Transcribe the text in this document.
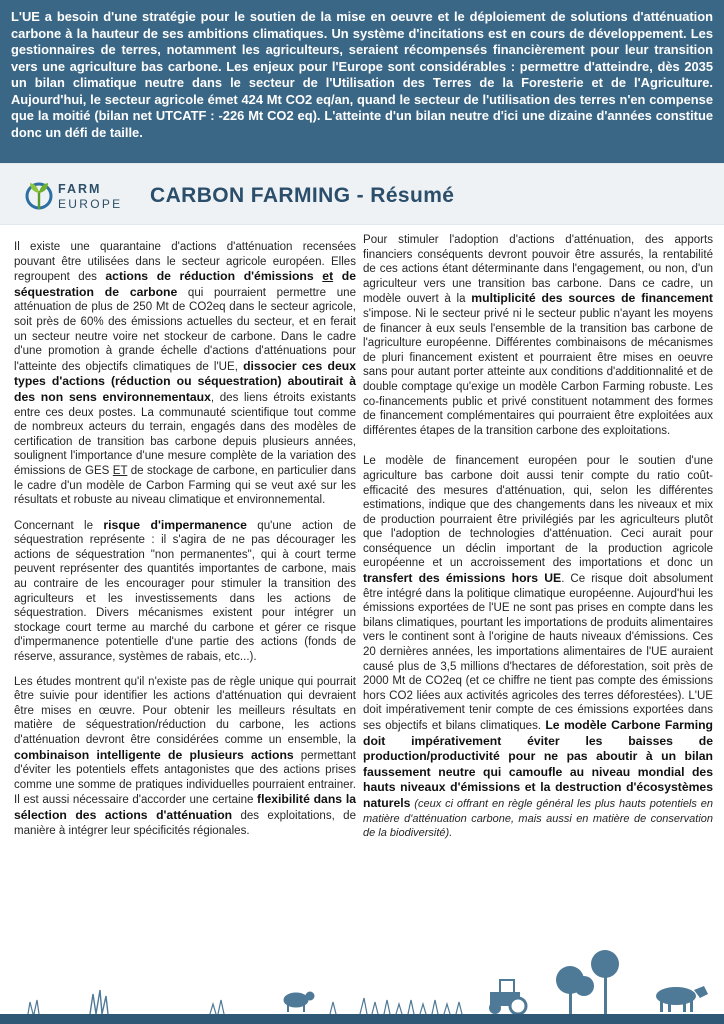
L'UE a besoin d'une stratégie pour le soutien de la mise en oeuvre et le déploiement de solutions d'atténuation carbone à la hauteur de ses ambitions climatiques. Un système d'incitations est en cours de développement. Les gestionnaires de terres, notamment les agriculteurs, seraient récompensés financièrement pour leur transition vers une agriculture bas carbone. Les enjeux pour l'Europe sont considérables : permettre d'atteindre, dès 2035 un bilan climatique neutre dans le secteur de l'Utilisation des Terres de la Foresterie et de l'Agriculture. Aujourd'hui, le secteur agricole émet 424 Mt CO2 eq/an, quand le secteur de l'utilisation des terres n'en compense que la moitié (bilan net UTCATF : -226 Mt CO2 eq). L'atteinte d'un bilan neutre d'ici une dizaine d'années constitue donc un défi de taille.

FARM
EUROPE CARBON FARMING - Résumé

Il existe une quarantaine d'actions d'atténuation recensées pouvant être utilisées dans le secteur agricole européen. Elles regroupent des actions de réduction d'émissions et de séquestration de carbone qui pourraient permettre une atténuation de plus de 250 Mt de CO2eq dans le secteur agricole, soit près de 60% des émissions actuelles du secteur, et en ferait un secteur neutre voire net stockeur de carbone. Dans le cadre d'une promotion à grande échelle d'actions d'atténuations pour l'atteinte des objectifs climatiques de l'UE, dissocier ces deux types d'actions (réduction ou séquestration) aboutirait à des non sens environnementaux, des liens étroits existants entre ces deux postes. La communauté scientifique tout comme de nombreux acteurs du terrain, engagés dans des modèles de certification de transition bas carbone depuis plusieurs années, soulignent l'importance d'une mesure complète de la variation des émissions de GES ET de stockage de carbone, en particulier dans le cadre d'un modèle de Carbon Farming qui se veut axé sur les résultats et robuste au niveau climatique et environnemental.

Concernant le risque d'impermanence qu'une action de séquestration représente : il s'agira de ne pas décourager les actions de séquestration "non permanentes", qui à court terme peuvent représenter des quantités importantes de carbone, mais au contraire de les encourager pour stimuler la transition des agriculteurs et les investissements dans les actions de séquestration. Divers mécanismes existent pour intégrer un stockage court terme au marché du carbone et gérer ce risque d'impermanence potentielle d'une partie des actions (fonds de réserve, assurance, systèmes de rabais, etc...).

Les études montrent qu'il n'existe pas de règle unique qui pourrait être suivie pour identifier les actions d'atténuation qui devraient être mises en œuvre. Pour obtenir les meilleurs résultats en matière de séquestration/réduction du carbone, les actions d'atténuation devront être considérées comme un ensemble, la combinaison intelligente de plusieurs actions permettant d'éviter les potentiels effets antagonistes que des actions prises comme une somme de pratiques individuelles pourraient entrainer. Il est aussi nécessaire d'accorder une certaine flexibilité dans la sélection des actions d'atténuation des exploitations, de manière à intégrer leur spécificités régionales.

Pour stimuler l'adoption d'actions d'atténuation, des apports financiers conséquents devront pouvoir être assurés, la rentabilité de ces actions étant déterminante dans l'engagement, ou non, d'un agriculteur vers une transition bas carbone. Dans ce cadre, un modèle ouvert à la multiplicité des sources de financement s'impose. Ni le secteur privé ni le secteur public n'ayant les moyens de financer à eux seuls l'ensemble de la transition bas carbone de l'agriculture européenne. Différentes combinaisons de mécanismes de pluri financement existent et pourraient être mises en oeuvre sans pour autant porter atteinte aux conditions d'additionnalité et de double comptage qu'exige un modèle Carbon Farming robuste. Les co-financements public et privé constituent notamment des formes de financement complémentaires qui pourraient être exploitées aux différentes étapes de la transition carbone des exploitations.

Le modèle de financement européen pour le soutien d'une agriculture bas carbone doit aussi tenir compte du ratio coût-efficacité des mesures d'atténuation, qui, selon les différentes estimations, indique que des changements dans les niveaux et mix de production pourraient être privilégiés par les agriculteurs plutôt que l'adoption de technologies d'atténuation. Ceci aurait pour conséquence un déclin important de la production agricole européenne et un accroissement des importations et donc un transfert des émissions hors UE. Ce risque doit absolument être intégré dans la politique climatique européenne. Aujourd'hui les émissions exportées de l'UE ne sont pas prises en compte dans les bilans climatiques, pourtant les importations de produits alimentaires vers le continent sont à l'origine de hauts niveaux d'émissions. Ces 20 dernières années, les importations alimentaires de l'UE auraient causé plus de 3,5 millions d'hectares de déforestation, soit près de 2000 Mt de CO2eq (et ce chiffre ne tient pas compte des émissions hors CO2 liées aux activités agricoles des terres déforestées). L'UE doit impérativement tenir compte de ces émissions exportées dans ses objectifs et bilans climatiques. Le modèle Carbone Farming doit impérativement éviter les baisses de production/productivité pour ne pas aboutir à un bilan faussement neutre qui camoufle au niveau mondial des hauts niveaux d'émissions et la destruction d'écosystèmes naturels (ceux ci offrant en règle général les plus hauts potentiels en matière d'atténuation carbone, mais aussi en matière de conservation de la biodiversité).
